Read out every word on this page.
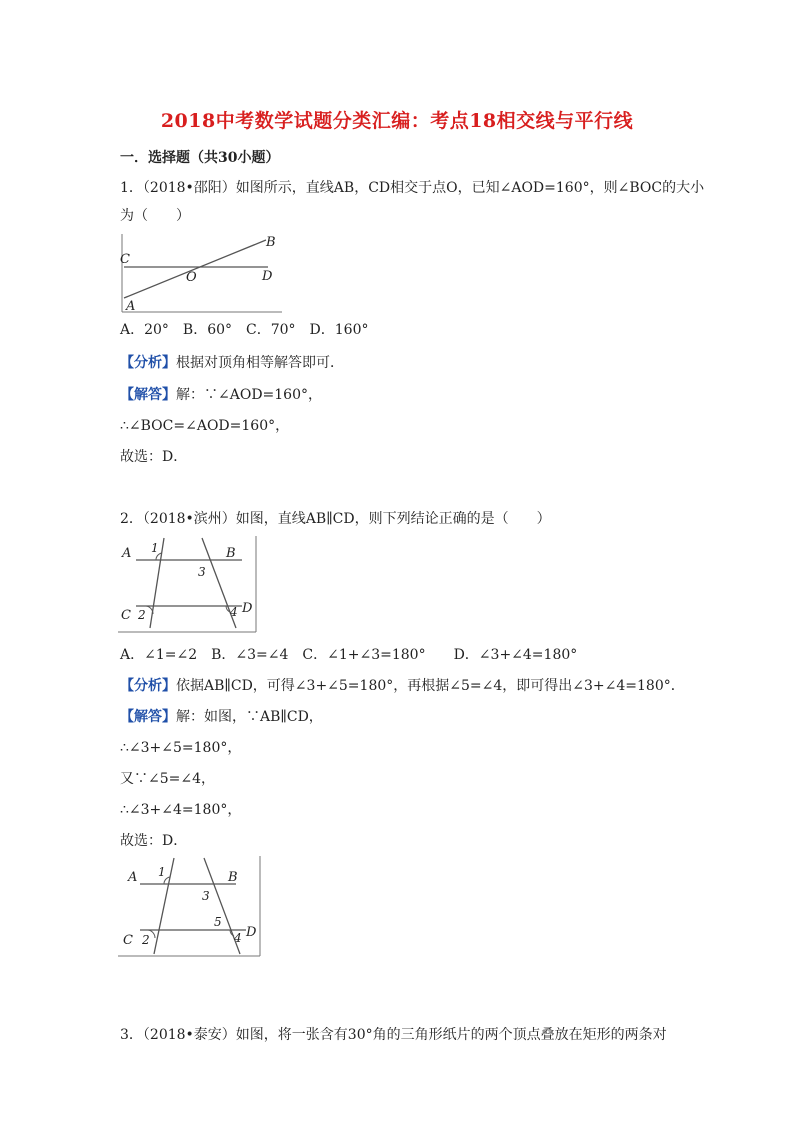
2018中考数学试题分类汇编：考点18相交线与平行线
一．选择题（共30小题）
1．（2018•邵阳）如图所示，直线AB，CD相交于点O，已知∠AOD=160°，则∠BOC的大小
为（　　）
C
D
O
B
A
A．20°　B．60°　C．70°　D．160°
【分析】根据对顶角相等解答即可．
【解答】解：∵∠AOD=160°，
∴∠BOC=∠AOD=160°，
故选：D．
2．（2018•滨州）如图，直线AB∥CD，则下列结论正确的是（　　）
A 1	B
3
C 2	4 D
A．∠1=∠2　B．∠3=∠4　C．∠1+∠3=180°　　D．∠3+∠4=180°
【分析】依据AB∥CD，可得∠3+∠5=180°，再根据∠5=∠4，即可得出∠3+∠4=180°．
【解答】解：如图，∵AB∥CD，
∴∠3+∠5=180°，
又∵∠5=∠4，
∴∠3+∠4=180°，
故选：D．
A 1	B
3
5
C 2	4 D
3．（2018•泰安）如图，将一张含有30°角的三角形纸片的两个顶点叠放在矩形的两条对
